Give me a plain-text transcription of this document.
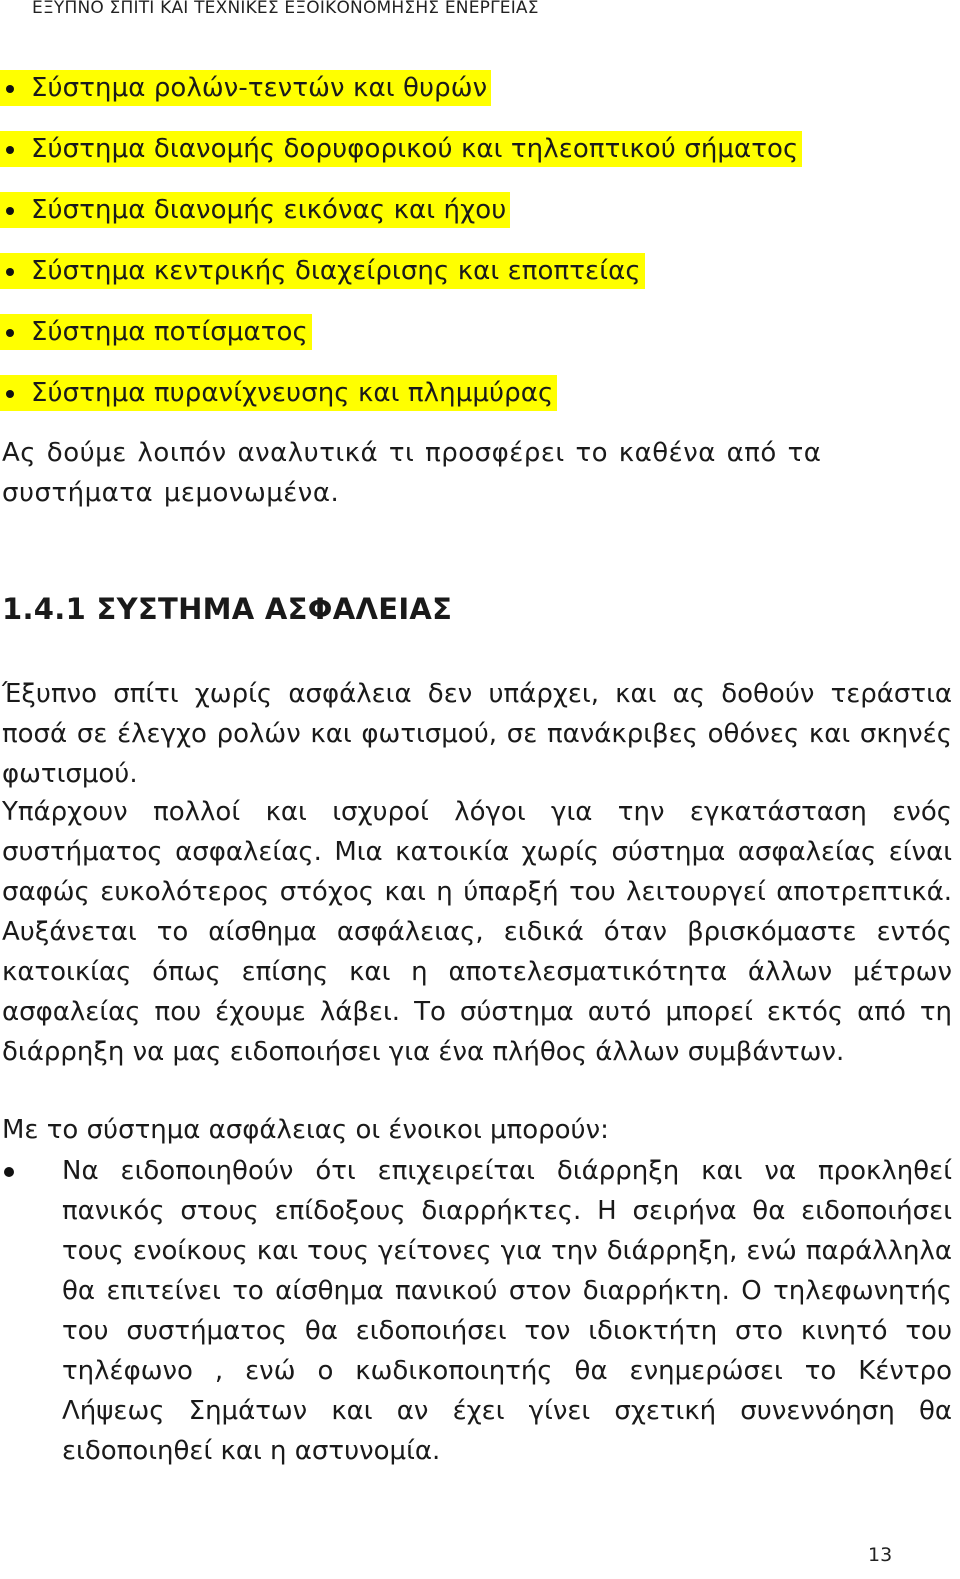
ΕΞΥΠΝΟ ΣΠΙΤΙ ΚΑΙ ΤΕΧΝΙΚΕΣ ΕΞΟΙΚΟΝΟΜΗΣΗΣ ΕΝΕΡΓΕΙΑΣ
Σύστημα ρολών-τεντών και θυρών
Σύστημα διανομής δορυφορικού και τηλεοπτικού σήματος
Σύστημα διανομής εικόνας και ήχου
Σύστημα κεντρικής διαχείρισης και εποπτείας
Σύστημα ποτίσματος
Σύστημα πυρανίχνευσης και πλημμύρας

Ας δούμε λοιπόν αναλυτικά τι προσφέρει το καθένα από τα συστήματα μεμονωμένα.

1.4.1 ΣΥΣΤΗΜΑ ΑΣΦΑΛΕΙΑΣ

Έξυπνο σπίτι χωρίς ασφάλεια δεν υπάρχει, και ας δοθούν τεράστια ποσά σε έλεγχο ρολών και φωτισμού, σε πανάκριβες οθόνες και σκηνές φωτισμού.

Υπάρχουν πολλοί και ισχυροί λόγοι για την εγκατάσταση ενός συστήματος ασφαλείας. Μια κατοικία χωρίς σύστημα ασφαλείας είναι σαφώς ευκολότερος στόχος και η ύπαρξή του λειτουργεί αποτρεπτικά. Αυξάνεται το αίσθημα ασφάλειας, ειδικά όταν βρισκόμαστε εντός κατοικίας όπως επίσης και η αποτελεσματικότητα άλλων μέτρων ασφαλείας που έχουμε λάβει. Το σύστημα αυτό μπορεί εκτός από τη διάρρηξη να μας ειδοποιήσει για ένα πλήθος άλλων συμβάντων.

Με το σύστημα ασφάλειας οι ένοικοι μπορούν:

Να ειδοποιηθούν ότι επιχειρείται διάρρηξη και να προκληθεί πανικός στους επίδοξους διαρρήκτες. Η σειρήνα θα ειδοποιήσει τους ενοίκους και τους γείτονες για την διάρρηξη, ενώ παράλληλα θα επιτείνει το αίσθημα πανικού στον διαρρήκτη. Ο τηλεφωνητής του συστήματος θα ειδοποιήσει τον ιδιοκτήτη στο κινητό του τηλέφωνο , ενώ ο κωδικοποιητής θα ενημερώσει το Κέντρο Λήψεως Σημάτων και αν έχει γίνει σχετική συνεννόηση θα ειδοποιηθεί και η αστυνομία.
13
